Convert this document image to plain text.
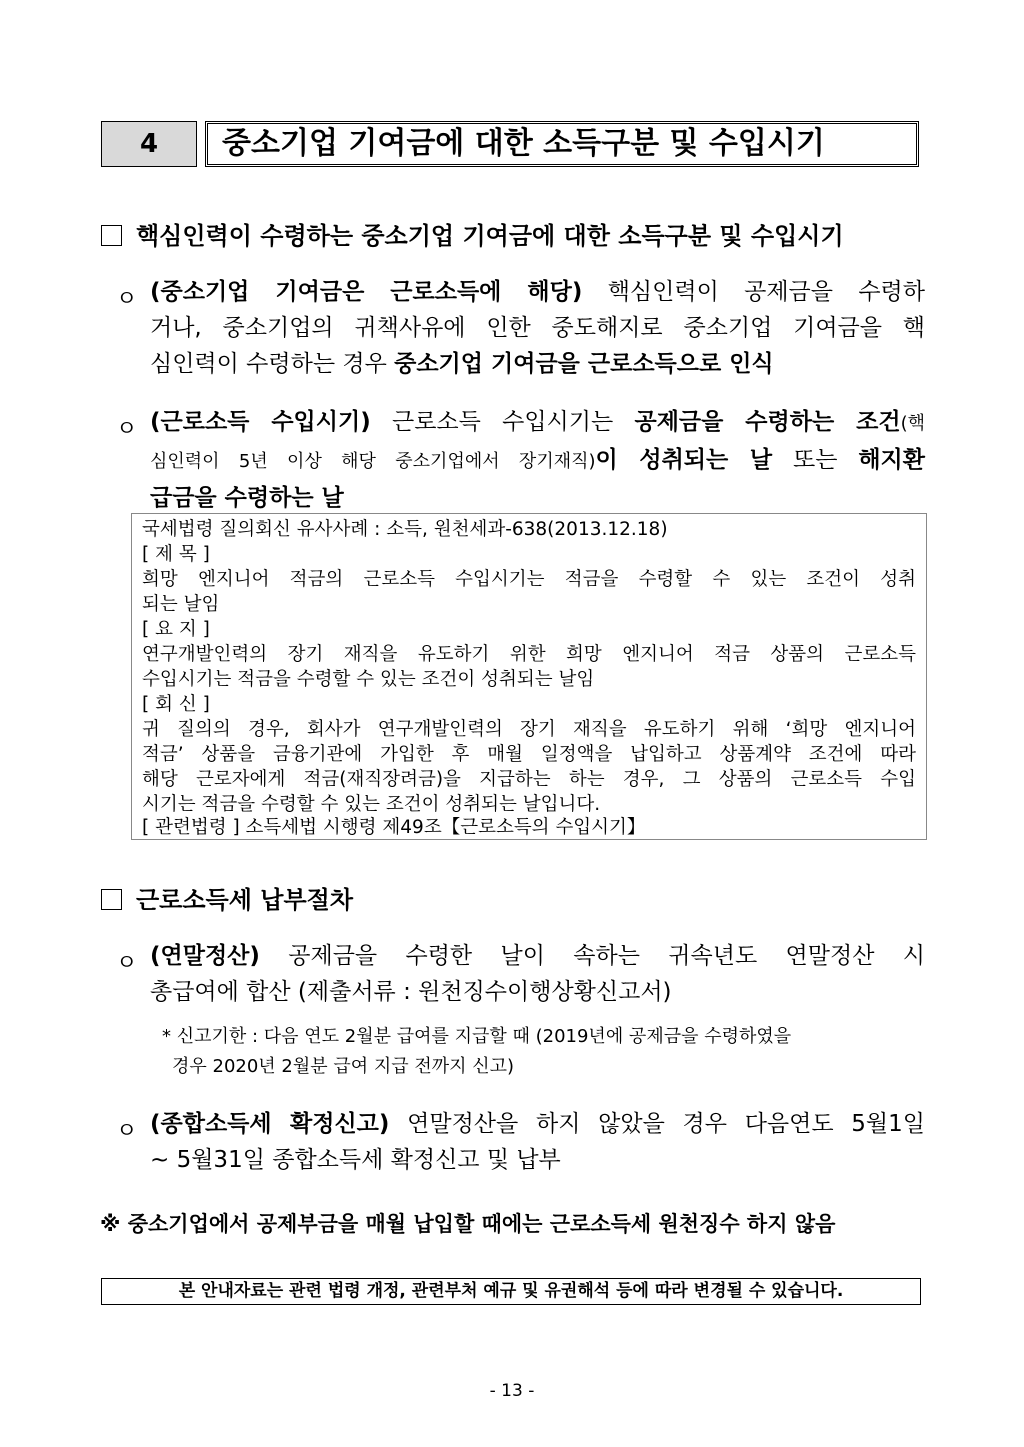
4	중소기업 기여금에 대한 소득구분 및 수입시기
핵심인력이 수령하는 중소기업 기여금에 대한 소득구분 및 수입시기
ㅇ (중소기업 기여금은 근로소득에 해당) 핵심인력이 공제금을 수령하
거나, 중소기업의 귀책사유에 인한 중도해지로 중소기업 기여금을 핵
심인력이 수령하는 경우 중소기업 기여금을 근로소득으로 인식
ㅇ (근로소득 수입시기) 근로소득 수입시기는 공제금을 수령하는 조건(핵
심인력이 5년 이상 해당 중소기업에서 장기재직)이 성취되는 날 또는 해지환
급금을 수령하는 날
국세법령 질의회신 유사사례 : 소득, 원천세과-638(2013.12.18)
[ 제 목 ]
희망 엔지니어 적금의 근로소득 수입시기는 적금을 수령할 수 있는 조건이 성취
되는 날임
[ 요 지 ]
연구개발인력의 장기 재직을 유도하기 위한 희망 엔지니어 적금 상품의 근로소득
수입시기는 적금을 수령할 수 있는 조건이 성취되는 날임
[ 회 신 ]
귀 질의의 경우, 회사가 연구개발인력의 장기 재직을 유도하기 위해 ‘희망 엔지니어
적금’ 상품을 금융기관에 가입한 후 매월 일정액을 납입하고 상품계약 조건에 따라
해당 근로자에게 적금(재직장려금)을 지급하는 하는 경우, 그 상품의 근로소득 수입
시기는 적금을 수령할 수 있는 조건이 성취되는 날입니다.
[ 관련법령 ] 소득세법 시행령 제49조【근로소득의 수입시기】
근로소득세 납부절차
ㅇ (연말정산) 공제금을 수령한 날이 속하는 귀속년도 연말정산 시
총급여에 합산 (제출서류 : 원천징수이행상황신고서)
* 신고기한 : 다음 연도 2월분 급여를 지급할 때 (2019년에 공제금을 수령하였을
경우 2020년 2월분 급여 지급 전까지 신고)
ㅇ (종합소득세 확정신고) 연말정산을 하지 않았을 경우 다음연도 5월1일
~ 5월31일 종합소득세 확정신고 및 납부
※ 중소기업에서 공제부금을 매월 납입할 때에는 근로소득세 원천징수 하지 않음
본 안내자료는 관련 법령 개정, 관련부처 예규 및 유권해석 등에 따라 변경될 수 있습니다.
- 13 -
